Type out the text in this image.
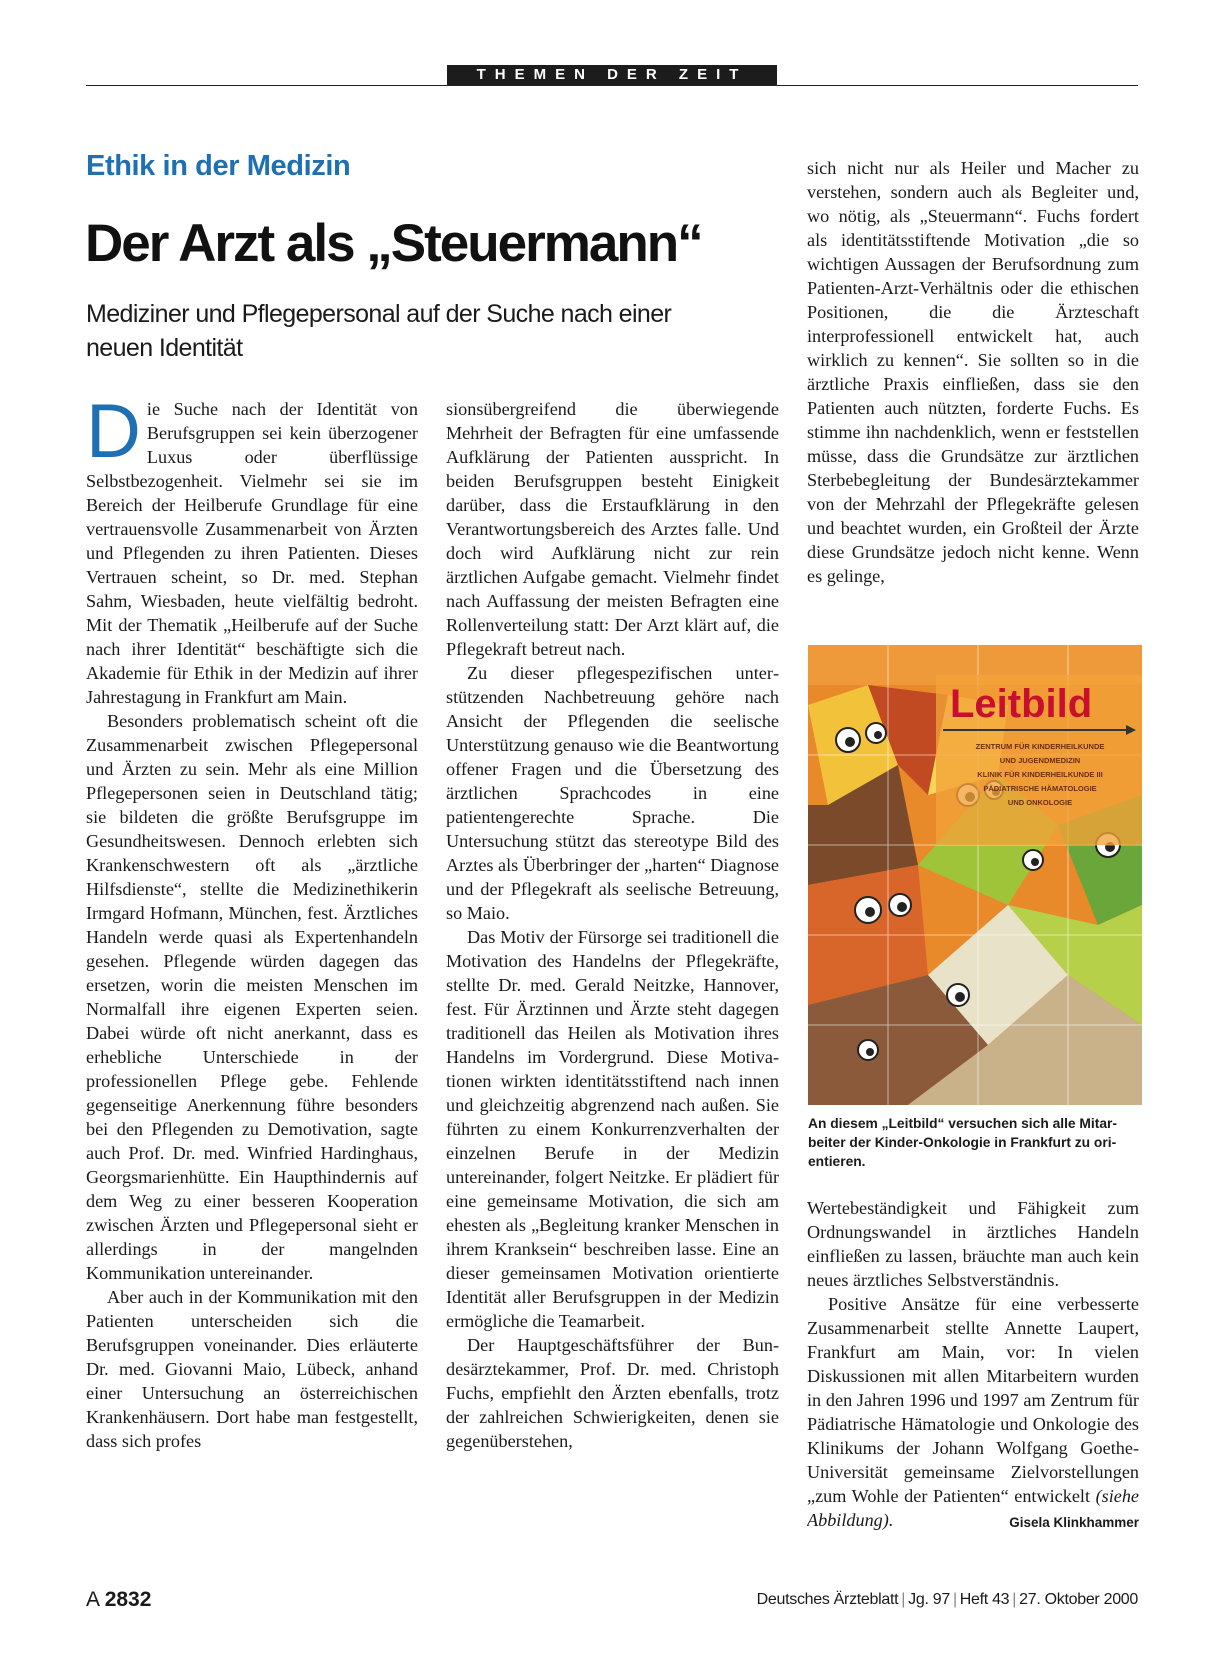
THEMEN DER ZEIT
Ethik in der Medizin
Der Arzt als „Steuermann“
Mediziner und Pflegepersonal auf der Suche nach einer
neuen Identität

Die Suche nach der Identität von Berufsgruppen sei kein überzogener Luxus oder überflüssige Selbstbezogenheit. Vielmehr sei sie im Bereich der Heilberufe Grundlage für eine vertrauensvolle Zusammenarbeit von Ärzten und Pflegenden zu ihren Patienten. Dieses Vertrauen scheint, so Dr. med. Stephan Sahm, Wiesbaden, heute vielfältig bedroht. Mit der Thematik „Heilberufe auf der Suche nach ihrer Identität“ beschäftigte sich die Akademie für Ethik in der Medizin auf ihrer Jahrestagung in Frankfurt am Main.

Besonders problematisch scheint oft die Zusammenarbeit zwischen Pflegepersonal und Ärzten zu sein. Mehr als eine Million Pflegepersonen seien in Deutschland tätig; sie bildeten die größte Berufsgruppe im Gesundheitswesen. Dennoch erlebten sich Krankenschwestern oft als „ärztliche Hilfsdienste“, stellte die Medizinethikerin Irmgard Hofmann, München, fest. Ärztliches Handeln werde quasi als Expertenhandeln gesehen. Pflegende würden dagegen das ersetzen, worin die meisten Menschen im Normalfall ihre eigenen Experten seien. Dabei würde oft nicht anerkannt, dass es erhebliche Unterschiede in der professionellen Pflege gebe. Fehlende gegenseitige Anerkennung führe besonders bei den Pflegenden zu Demotivation, sagte auch Prof. Dr. med. Winfried Hardinghaus, Georgsmarienhütte. Ein Haupthindernis auf dem Weg zu einer besseren Kooperation zwischen Ärzten und Pflegepersonal sieht er allerdings in der mangelnden Kommunikation untereinander.

Aber auch in der Kommunikation mit den Patienten unterscheiden sich die Berufsgruppen voneinander. Dies erläuterte Dr. med. Giovanni Maio, Lübeck, anhand einer Untersuchung an österreichischen Krankenhäusern. Dort habe man festgestellt, dass sich profes

sionsübergreifend die überwiegende Mehrheit der Befragten für eine umfassende Aufklärung der Patienten ausspricht. In beiden Berufsgruppen besteht Einigkeit darüber, dass die Erstaufklärung in den Verantwortungsbereich des Arztes falle. Und doch wird Aufklärung nicht zur rein ärztlichen Aufgabe gemacht. Vielmehr findet nach Auffassung der meisten Befragten eine Rollenverteilung statt: Der Arzt klärt auf, die Pflegekraft betreut nach.

Zu dieser pflegespezifischen unterstützenden Nachbetreuung gehöre nach Ansicht der Pflegenden die seelische Unterstützung genauso wie die Beantwortung offener Fragen und die Übersetzung des ärztlichen Sprachcodes in eine patientengerechte Sprache. Die Untersuchung stützt das stereotype Bild des Arztes als Überbringer der „harten“ Diagnose und der Pflegekraft als seelische Betreuung, so Maio.

Das Motiv der Fürsorge sei traditionell die Motivation des Handelns der Pflegekräfte, stellte Dr. med. Gerald Neitzke, Hannover, fest. Für Ärztinnen und Ärzte steht dagegen traditionell das Heilen als Motivation ihres Handelns im Vordergrund. Diese Motivationen wirkten identitätsstiftend nach innen und gleichzeitig abgrenzend nach außen. Sie führten zu einem Konkurrenzverhalten der einzelnen Berufe in der Medizin untereinander, folgert Neitzke. Er plädiert für eine gemeinsame Motivation, die sich am ehesten als „Begleitung kranker Menschen in ihrem Kranksein“ beschreiben lasse. Eine an dieser gemeinsamen Motivation orientierte Identität aller Berufsgruppen in der Medizin ermögliche die Teamarbeit.

Der Hauptgeschäftsführer der Bundesärztekammer, Prof. Dr. med. Christoph Fuchs, empfiehlt den Ärzten ebenfalls, trotz der zahlreichen Schwierigkeiten, denen sie gegenüberstehen,

sich nicht nur als Heiler und Macher zu verstehen, sondern auch als Begleiter und, wo nötig, als „Steuermann“. Fuchs fordert als identitätsstiftende Motivation „die so wichtigen Aussagen der Berufsordnung zum Patienten-Arzt-Verhältnis oder die ethischen Positionen, die die Ärzteschaft interprofessionell entwickelt hat, auch wirklich zu kennen“. Sie sollten so in die ärztliche Praxis einfließen, dass sie den Patienten auch nützten, forderte Fuchs. Es stimme ihn nachdenklich, wenn er feststellen müsse, dass die Grundsätze zur ärztlichen Sterbebegleitung der Bundesärztekammer von der Mehrzahl der Pflegekräfte gelesen und beachtet wurden, ein Großteil der Ärzte diese Grundsätze jedoch nicht kenne. Wenn es gelinge,

Leitbild
ZENTRUM FÜR KINDERHEILKUNDE
UND JUGENDMEDIZIN
KLINIK FÜR KINDERHEILKUNDE III
PÄDIATRISCHE HÄMATOLOGIE
UND ONKOLOGIE
An diesem „Leitbild“ versuchen sich alle Mitarbeiter der Kinder-Onkologie in Frankfurt zu orientieren.

Wertebeständigkeit und Fähigkeit zum Ordnungswandel in ärztliches Handeln einfließen zu lassen, bräuchte man auch kein neues ärztliches Selbstverständnis.

Positive Ansätze für eine verbesserte Zusammenarbeit stellte Annette Laupert, Frankfurt am Main, vor: In vielen Diskussionen mit allen Mitarbeitern wurden in den Jahren 1996 und 1997 am Zentrum für Pädiatrische Hämatologie und Onkologie des Klinikums der Johann Wolfgang Goethe-Universität gemeinsame Zielvorstellungen „zum Wohle der Patienten“ entwickelt (siehe Abbildung).	Gisela Klinkhammer

A 2832	Deutsches Ärzteblatt | Jg. 97 | Heft 43 | 27. Oktober 2000
